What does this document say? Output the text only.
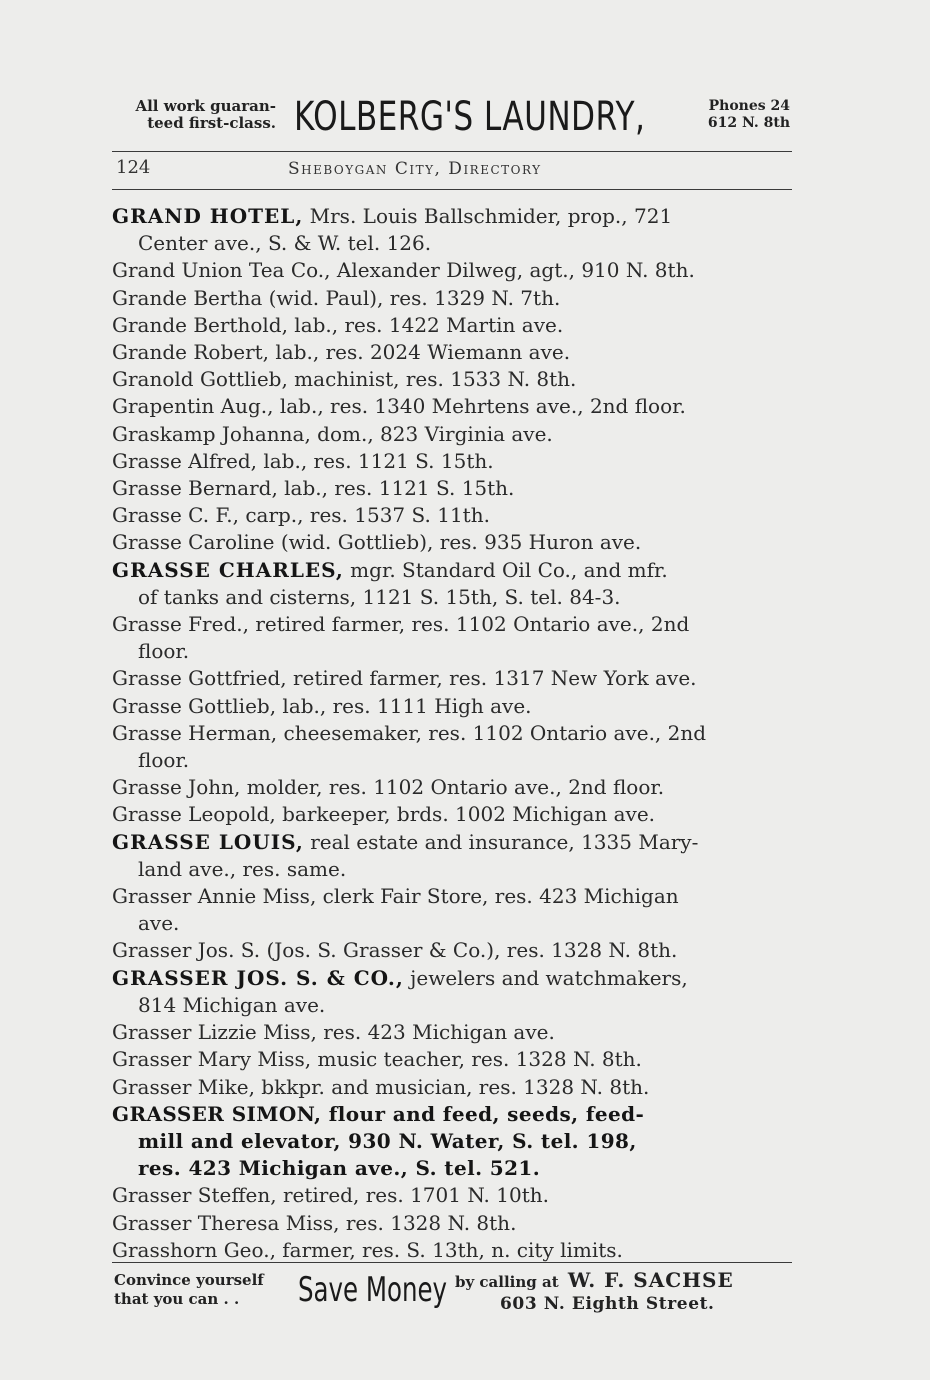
All work guaran-
teed first-class. KOLBERG'S LAUNDRY,	Phones 24
612 N. 8th
124	Sheboygan City, Directory
GRAND HOTEL, Mrs. Louis Ballschmider, prop., 721
Center ave., S. & W. tel. 126.
Grand Union Tea Co., Alexander Dilweg, agt., 910 N. 8th.
Grande Bertha (wid. Paul), res. 1329 N. 7th.
Grande Berthold, lab., res. 1422 Martin ave.
Grande Robert, lab., res. 2024 Wiemann ave.
Granold Gottlieb, machinist, res. 1533 N. 8th.
Grapentin Aug., lab., res. 1340 Mehrtens ave., 2nd floor.
Graskamp Johanna, dom., 823 Virginia ave.
Grasse Alfred, lab., res. 1121 S. 15th.
Grasse Bernard, lab., res. 1121 S. 15th.
Grasse C. F., carp., res. 1537 S. 11th.
Grasse Caroline (wid. Gottlieb), res. 935 Huron ave.
GRASSE CHARLES, mgr. Standard Oil Co., and mfr.
of tanks and cisterns, 1121 S. 15th, S. tel. 84-3.
Grasse Fred., retired farmer, res. 1102 Ontario ave., 2nd
floor.
Grasse Gottfried, retired farmer, res. 1317 New York ave.
Grasse Gottlieb, lab., res. 1111 High ave.
Grasse Herman, cheesemaker, res. 1102 Ontario ave., 2nd
floor.
Grasse John, molder, res. 1102 Ontario ave., 2nd floor.
Grasse Leopold, barkeeper, brds. 1002 Michigan ave.
GRASSE LOUIS, real estate and insurance, 1335 Mary-
land ave., res. same.
Grasser Annie Miss, clerk Fair Store, res. 423 Michigan
ave.
Grasser Jos. S. (Jos. S. Grasser & Co.), res. 1328 N. 8th.
GRASSER JOS. S. & CO., jewelers and watchmakers,
814 Michigan ave.
Grasser Lizzie Miss, res. 423 Michigan ave.
Grasser Mary Miss, music teacher, res. 1328 N. 8th.
Grasser Mike, bkkpr. and musician, res. 1328 N. 8th.
GRASSER SIMON, flour and feed, seeds, feed-
mill and elevator, 930 N. Water, S. tel. 198,
res. 423 Michigan ave., S. tel. 521.
Grasser Steffen, retired, res. 1701 N. 10th.
Grasser Theresa Miss, res. 1328 N. 8th.
Grasshorn Geo., farmer, res. S. 13th, n. city limits.
Convince yourself
that you can . .	Save Money by calling at W. F. SACHSE
603 N. Eighth Street.
